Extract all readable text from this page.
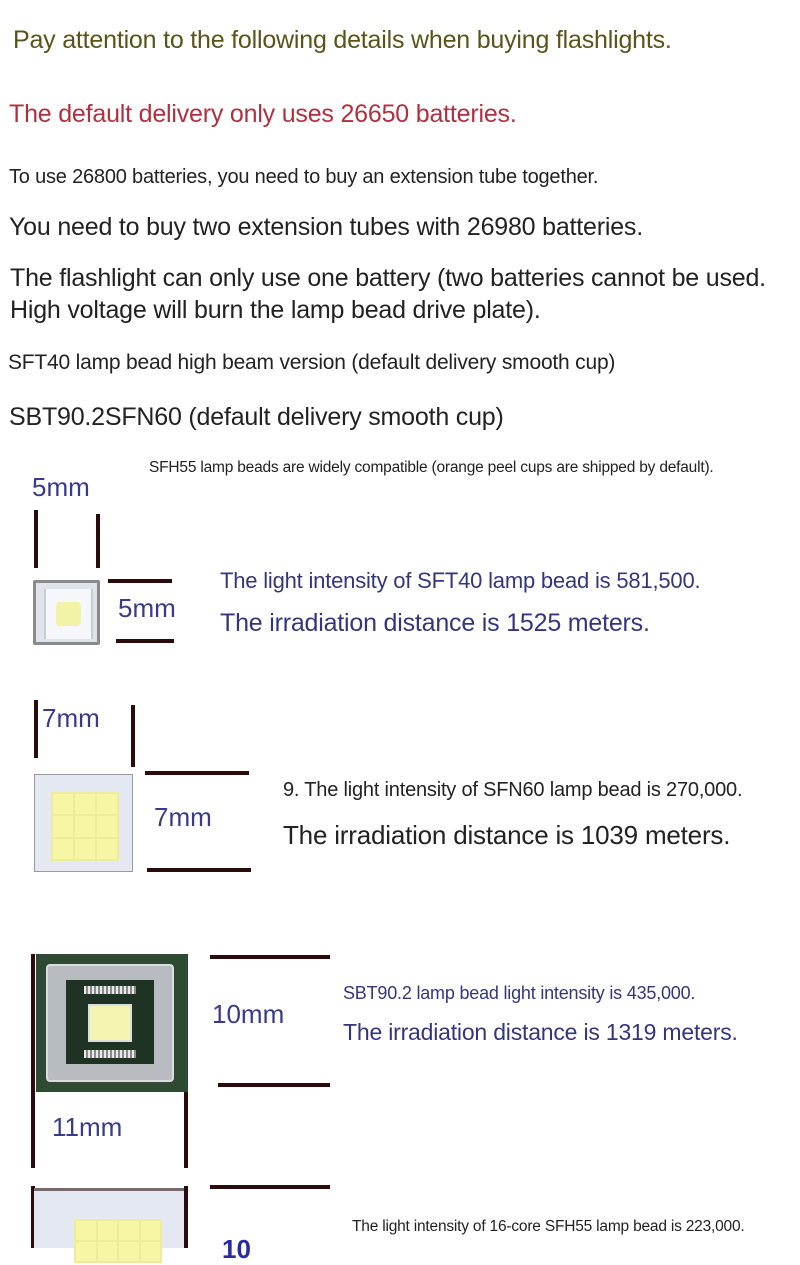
Pay attention to the following details when buying flashlights.

The default delivery only uses 26650 batteries.

To use 26800 batteries, you need to buy an extension tube together.

You need to buy two extension tubes with 26980 batteries.

The flashlight can only use one battery (two batteries cannot be used. High voltage will burn the lamp bead drive plate).

SFT40 lamp bead high beam version (default delivery smooth cup)

SBT90.2SFN60 (default delivery smooth cup)

SFH55 lamp beads are widely compatible (orange peel cups are shipped by default).

5mm
5mm

The light intensity of SFT40 lamp bead is 581,500.

The irradiation distance is 1525 meters.

7mm
7mm

9. The light intensity of SFN60 lamp bead is 270,000.

The irradiation distance is 1039 meters.

11mm
10mm

SBT90.2 lamp bead light intensity is 435,000.

The irradiation distance is 1319 meters.

10

The light intensity of 16-core SFH55 lamp bead is 223,000.
